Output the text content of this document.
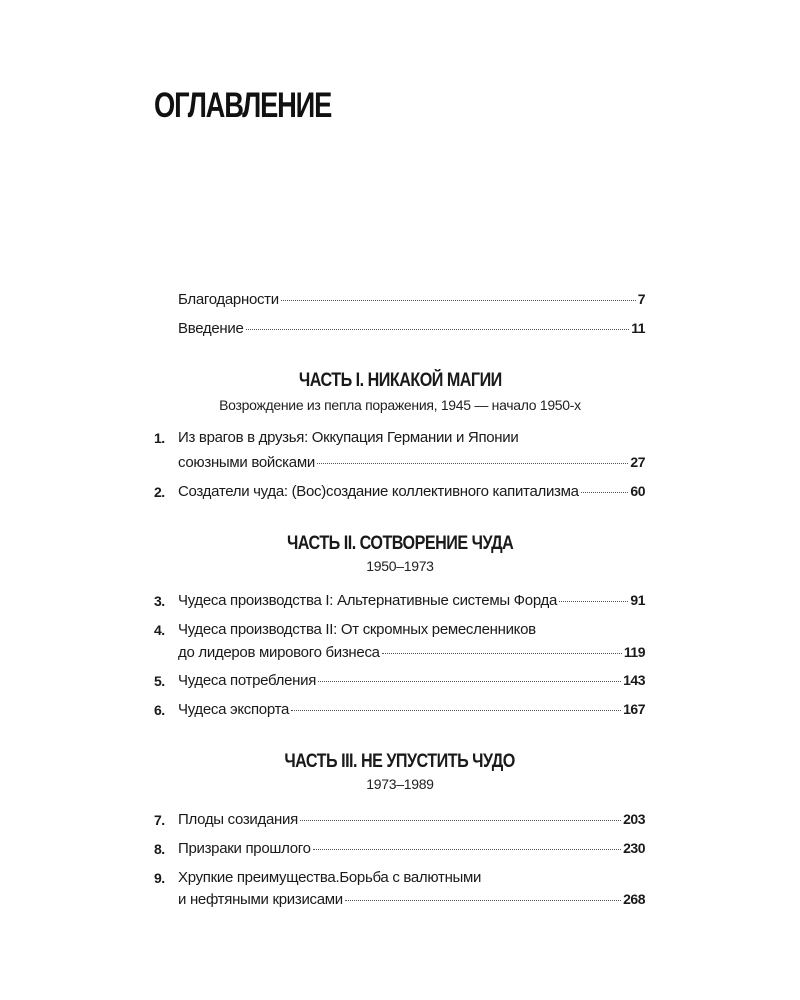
ОГЛАВЛЕНИЕ
Благодарности	7
Введение	11
ЧАСТЬ I. НИКАКОЙ МАГИИ
Возрождение из пепла поражения, 1945 — начало 1950-х
1. Из врагов в друзья: Оккупация Германии и Японии
союзными войсками	27
2. Создатели чуда: (Вос)создание коллективного капитализма	60
ЧАСТЬ II. СОТВОРЕНИЕ ЧУДА
1950–1973
3. Чудеса производства I: Альтернативные системы Форда	91
4. Чудеса производства II: От скромных ремесленников
до лидеров мирового бизнеса	119
5. Чудеса потребления	143
6. Чудеса экспорта	167
ЧАСТЬ III. НЕ УПУСТИТЬ ЧУДО
1973–1989
7. Плоды созидания	203
8. Призраки прошлого	230
9. Хрупкие преимущества.Борьба с валютными
и нефтяными кризисами	268
